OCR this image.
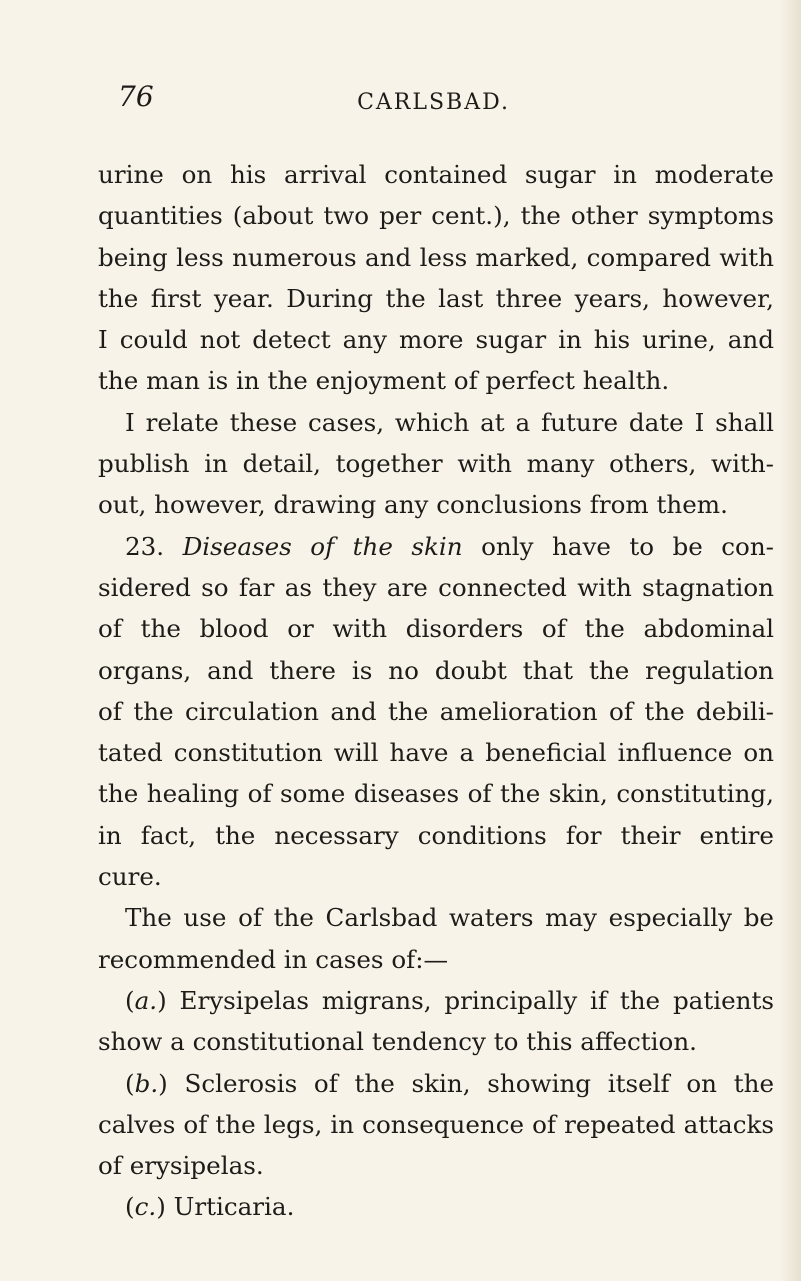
76	CARLSBAD.
urine on his arrival contained sugar in moderate
quantities (about two per cent.), the other symptoms
being less numerous and less marked, compared with
the first year. During the last three years, however,
I could not detect any more sugar in his urine, and
the man is in the enjoyment of perfect health.
I relate these cases, which at a future date I shall
publish in detail, together with many others, with-
out, however, drawing any conclusions from them.
23. Diseases of the skin only have to be con-
sidered so far as they are connected with stagnation
of the blood or with disorders of the abdominal
organs, and there is no doubt that the regulation
of the circulation and the amelioration of the debili-
tated constitution will have a beneficial influence on
the healing of some diseases of the skin, constituting,
in fact, the necessary conditions for their entire
cure.
The use of the Carlsbad waters may especially be
recommended in cases of:—
(a.) Erysipelas migrans, principally if the patients
show a constitutional tendency to this affection.
(b.) Sclerosis of the skin, showing itself on the
calves of the legs, in consequence of repeated attacks
of erysipelas.
(c.) Urticaria.
